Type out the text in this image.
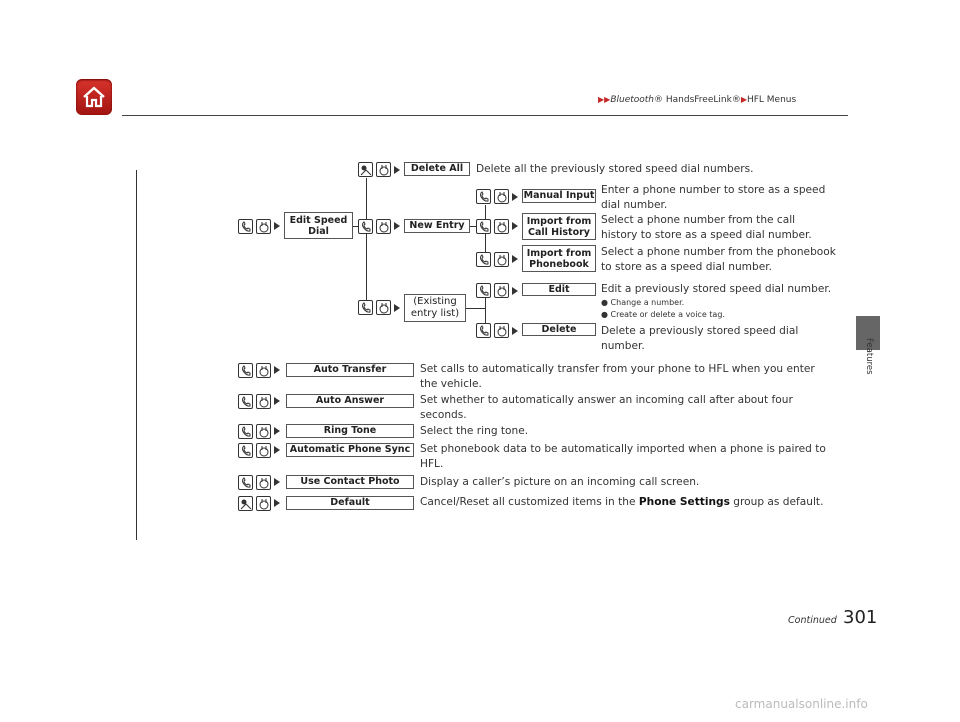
▶▶Bluetooth® HandsFreeLink®▶HFL Menus
Features
Delete All	Delete all the previously stored speed dial numbers.
Edit Speed Dial
New Entry
Manual Input Enter a phone number to store as a speed dial number.
Import from Call History
Select a phone number from the call history to store as a speed dial number.
Import from Phonebook
Select a phone number from the phonebook to store as a speed dial number.
(Existing entry list)
Edit	Edit a previously stored speed dial number.
● Change a number.
● Create or delete a voice tag.
Delete	Delete a previously stored speed dial number.
Auto Transfer	Set calls to automatically transfer from your phone to HFL when you enter the vehicle.
Auto Answer	Set whether to automatically answer an incoming call after about four seconds.
Ring Tone	Select the ring tone.
Automatic Phone Sync Set phonebook data to be automatically imported when a phone is paired to HFL.
Use Contact Photo	Display a caller’s picture on an incoming call screen.
Default	Cancel/Reset all customized items in the Phone Settings group as default.
Continued 301
carmanualsonline.info
